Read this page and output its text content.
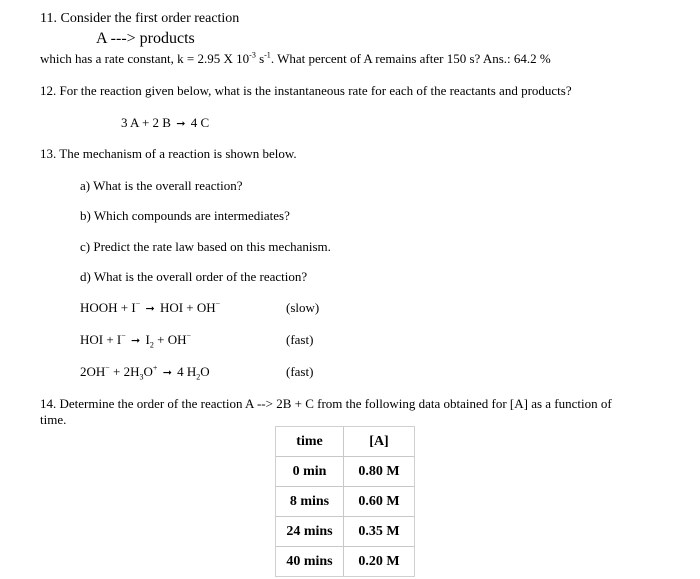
11. Consider the first order reaction
A ---> products
which has a rate constant, k = 2.95 X $10^{-3}$ $s^{-1}$. What percent of A remains after 150 s? Ans.: 64.2 %
12. For the reaction given below, what is the instantaneous rate for each of the reactants and products?
3 A + 2 B ➞ 4 C
13. The mechanism of a reaction is shown below.
a) What is the overall reaction?
b) Which compounds are intermediates?
c) Predict the rate law based on this mechanism.
d) What is the overall order of the reaction?
HOOH + I− ➞ HOI + OH−	(slow)
HOI + I− ➞ $I_2 + OH^-$	(fast)
$2OH^- + 2H_3O^+$ ➞ 4 $H_2O$	(fast)
14. Determine the order of the reaction A --> 2B + C from the following data obtained for [A] as a function of
time.
time	[A]
0 min	0.80 M
8 mins	0.60 M
24 mins	0.35 M
40 mins	0.20 M
